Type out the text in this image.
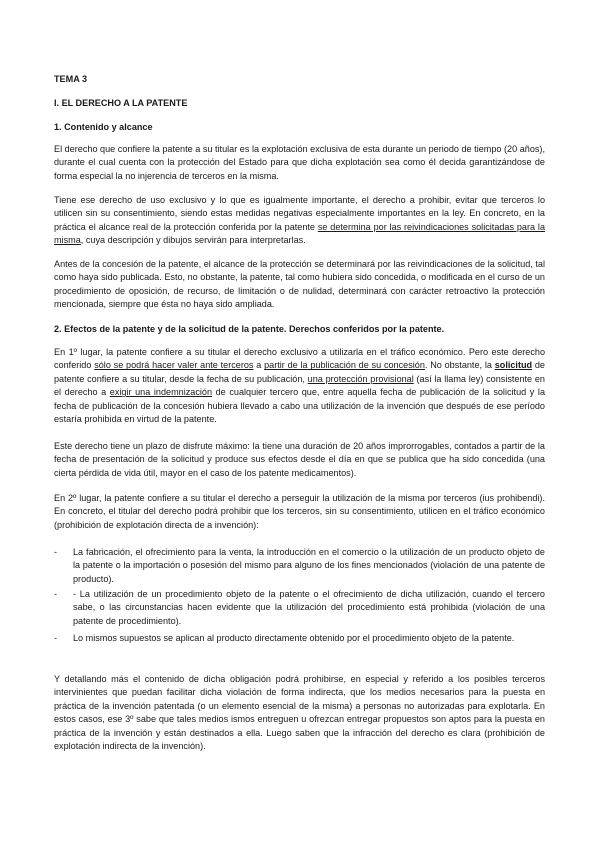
TEMA 3
I. EL DERECHO A LA PATENTE
1. Contenido y alcance
El derecho que confiere la patente a su titular es la explotación exclusiva de esta durante un periodo de tiempo (20 años), durante el cual cuenta con la protección del Estado para que dicha explotación sea como él decida garantizándose de forma especial la no injerencia de terceros en la misma.
Tiene ese derecho de uso exclusivo y lo que es igualmente importante, el derecho a prohibir, evitar que terceros lo utilicen sin su consentimiento, siendo estas medidas negativas especialmente importantes en la ley. En concreto, en la práctica el alcance real de la protección conferida por la patente se determina por las reivindicaciones solicitadas para la misma, cuya descripción y dibujos servirán para interpretarlas.
Antes de la concesión de la patente, el alcance de la protección se determinará por las reivindicaciones de la solicitud, tal como haya sido publicada. Esto, no obstante, la patente, tal como hubiera sido concedida, o modificada en el curso de un procedimiento de oposición, de recurso, de limitación o de nulidad, determinará con carácter retroactivo la protección mencionada, siempre que ésta no haya sido ampliada.
2. Efectos de la patente y de la solicitud de la patente. Derechos conferidos por la patente.
En 1º lugar, la patente confiere a su titular el derecho exclusivo a utilizarla en el tráfico económico. Pero este derecho conferido sólo se podrá hacer valer ante terceros a partir de la publicación de su concesión. No obstante, la solicitud de patente confiere a su titular, desde la fecha de su publicación, una protección provisional (así la llama ley) consistente en el derecho a exigir una indemnización de cualquier tercero que, entre aquella fecha de publicación de la solicitud y la fecha de publicación de la concesión hubiera llevado a cabo una utilización de la invención que después de ese período estaría prohibida en virtud de la patente.
Este derecho tiene un plazo de disfrute máximo: la tiene una duración de 20 años improrrogables, contados a partir de la fecha de presentación de la solicitud y produce sus efectos desde el día en que se publica que ha sido concedida (una cierta pérdida de vida útil, mayor en el caso de los patente medicamentos).
En 2º lugar, la patente confiere a su titular el derecho a perseguir la utilización de la misma por terceros (ius prohibendi). En concreto, el titular del derecho podrá prohibir que los terceros, sin su consentimiento, utilicen en el tráfico económico (prohibición de explotación directa de a invención):
- La fabricación, el ofrecimiento para la venta, la introducción en el comercio o la utilización de un producto objeto de la patente o la importación o posesión del mismo para alguno de los fines mencionados (violación de una patente de producto).
- - La utilización de un procedimiento objeto de la patente o el ofrecimiento de dicha utilización, cuando el tercero sabe, o las circunstancias hacen evidente que la utilización del procedimiento está prohibida (violación de una patente de procedimiento).
- Lo mismos supuestos se aplican al producto directamente obtenido por el procedimiento objeto de la patente.
Y detallando más el contenido de dicha obligación podrá prohibirse, en especial y referido a los posibles terceros intervinientes que puedan facilitar dicha violación de forma indirecta, que los medios necesarios para la puesta en práctica de la invención patentada (o un elemento esencial de la misma) a personas no autorizadas para explotarla. En estos casos, ese 3º sabe que tales medios ismos entreguen u ofrezcan entregar propuestos son aptos para la puesta en práctica de la invención y están destinados a ella. Luego saben que la infracción del derecho es clara (prohibición de explotación indirecta de la invención).
